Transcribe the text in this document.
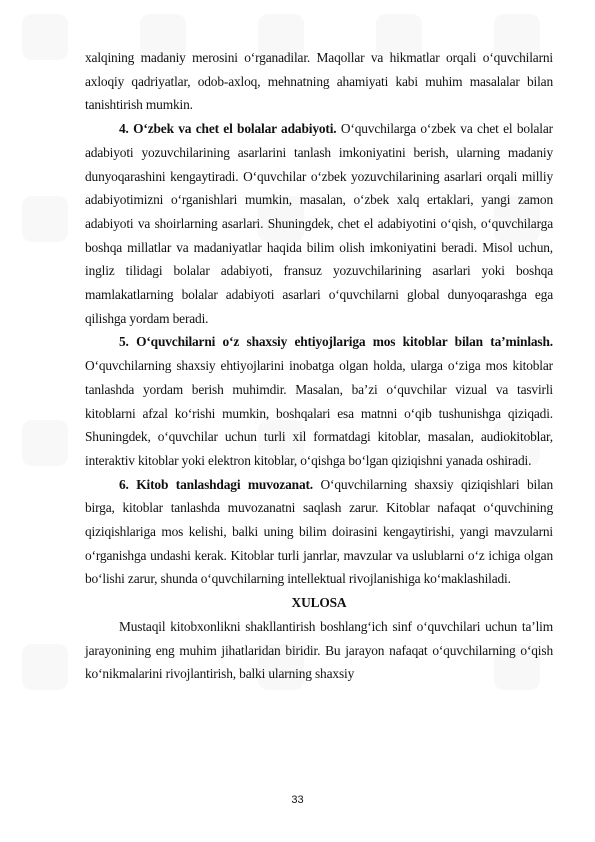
xalqining madaniy merosini o‘rganadilar. Maqollar va hikmatlar orqali o‘quvchilarni axloqiy qadriyatlar, odob-axloq, mehnatning ahamiyati kabi muhim masalalar bilan tanishtirish mumkin.

4. O‘zbek va chet el bolalar adabiyoti. O‘quvchilarga o‘zbek va chet el bolalar adabiyoti yozuvchilarining asarlarini tanlash imkoniyatini berish, ularning madaniy dunyoqarashini kengaytiradi. O‘quvchilar o‘zbek yozuvchilarining asarlari orqali milliy adabiyotimizni o‘rganishlari mumkin, masalan, o‘zbek xalq ertaklari, yangi zamon adabiyoti va shoirlarning asarlari. Shuningdek, chet el adabiyotini o‘qish, o‘quvchilarga boshqa millatlar va madaniyatlar haqida bilim olish imkoniyatini beradi. Misol uchun, ingliz tilidagi bolalar adabiyoti, fransuz yozuvchilarining asarlari yoki boshqa mamlakatlarning bolalar adabiyoti asarlari o‘quvchilarni global dunyoqarashga ega qilishga yordam beradi.

5. O‘quvchilarni o‘z shaxsiy ehtiyojlariga mos kitoblar bilan ta’minlash. O‘quvchilarning shaxsiy ehtiyojlarini inobatga olgan holda, ularga o‘ziga mos kitoblar tanlashda yordam berish muhimdir. Masalan, ba’zi o‘quvchilar vizual va tasvirli kitoblarni afzal ko‘rishi mumkin, boshqalari esa matnni o‘qib tushunishga qiziqadi. Shuningdek, o‘quvchilar uchun turli xil formatdagi kitoblar, masalan, audiokitoblar, interaktiv kitoblar yoki elektron kitoblar, o‘qishga bo‘lgan qiziqishni yanada oshiradi.

6. Kitob tanlashdagi muvozanat. O‘quvchilarning shaxsiy qiziqishlari bilan birga, kitoblar tanlashda muvozanatni saqlash zarur. Kitoblar nafaqat o‘quvchining qiziqishlariga mos kelishi, balki uning bilim doirasini kengaytirishi, yangi mavzularni o‘rganishga undashi kerak. Kitoblar turli janrlar, mavzular va uslublarni o‘z ichiga olgan bo‘lishi zarur, shunda o‘quvchilarning intellektual rivojlanishiga ko‘maklashiladi.

XULOSA

Mustaqil kitobxonlikni shakllantirish boshlang‘ich sinf o‘quvchilari uchun ta’lim jarayonining eng muhim jihatlaridan biridir. Bu jarayon nafaqat o‘quvchilarning o‘qish ko‘nikmalarini rivojlantirish, balki ularning shaxsiy

33
